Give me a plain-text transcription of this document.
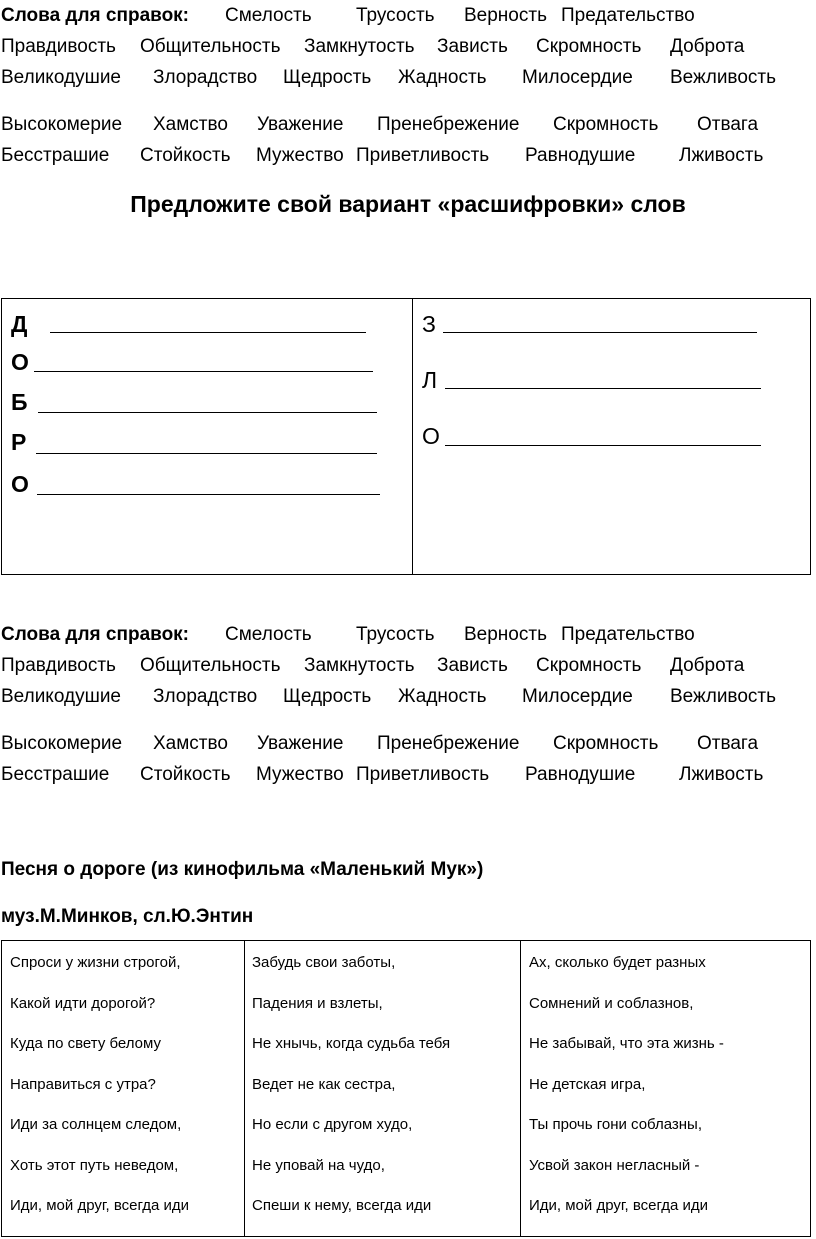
Слова для справок: Смелость Трусость Верность Предательство
Правдивость Общительность Замкнутость Зависть Скромность Доброта
Великодушие Злорадство Щедрость Жадность Милосердие Вежливость
Высокомерие Хамство Уважение Пренебрежение Скромность Отвага
Бесстрашие Стойкость Мужество Приветливость Равнодушие Лживость
Предложите свой вариант «расшифровки» слов
Д
О
Б
Р
О
З
Л
О
Слова для справок: Смелость Трусость Верность Предательство
Правдивость Общительность Замкнутость Зависть Скромность Доброта
Великодушие Злорадство Щедрость Жадность Милосердие Вежливость
Высокомерие Хамство Уважение Пренебрежение Скромность Отвага
Бесстрашие Стойкость Мужество Приветливость Равнодушие Лживость
Песня о дороге (из кинофильма «Маленький Мук»)
муз.М.Минков, сл.Ю.Энтин
Спроси у жизни строгой,
Какой идти дорогой?
Куда по свету белому
Направиться с утра?
Иди за солнцем следом,
Хоть этот путь неведом,
Иди, мой друг, всегда иди
Забудь свои заботы,
Падения и взлеты,
Не хнычь, когда судьба тебя
Ведет не как сестра,
Но если с другом худо,
Не уповай на чудо,
Спеши к нему, всегда иди
Ах, сколько будет разных
Сомнений и соблазнов,
Не забывай, что эта жизнь -
Не детская игра,
Ты прочь гони соблазны,
Усвой закон негласный -
Иди, мой друг, всегда иди
